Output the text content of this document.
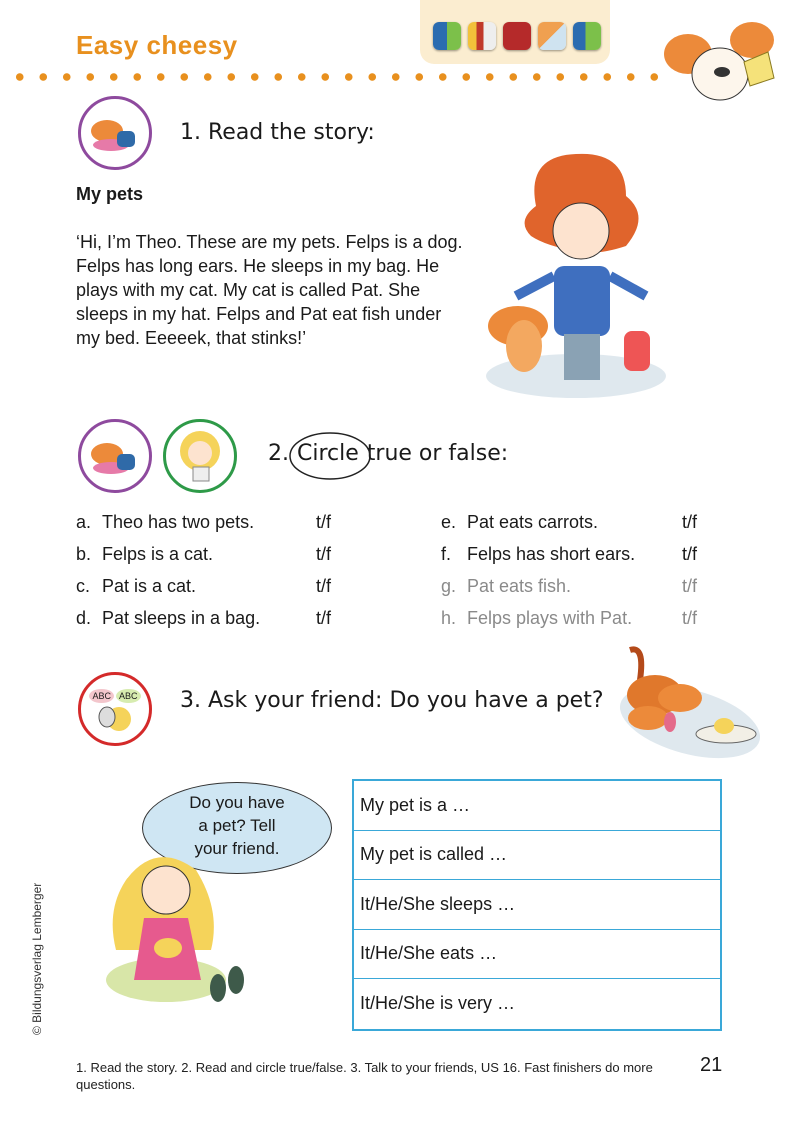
Easy cheesy
1. Read the story:
My pets
‘Hi, I’m Theo. These are my pets. Felps is a dog. Felps has long ears. He sleeps in my bag. He plays with my cat. My cat is called Pat. She sleeps in my hat. Felps and Pat eat fish under my bed. Eeeeek, that stinks!’
2. Circle true or false:
a. Theo has two pets.	t/f
b. Felps is a cat.	t/f
c. Pat is a cat.	t/f
d. Pat sleeps in a bag.	t/f
e. Pat eats carrots.	t/f
f. Felps has short ears.	t/f
g. Pat eats fish.	t/f
h. Felps plays with Pat.	t/f
ABC ABC 3. Ask your friend: Do you have a pet?
Do you have
a pet? Tell
your friend.
My pet is a …
My pet is called …
It/He/She sleeps …
It/He/She eats …
It/He/She is very …
© Bildungsverlag Lemberger
1. Read the story. 2. Read and circle true/false. 3. Talk to your friends, US 16. Fast finishers do more questions.
21
